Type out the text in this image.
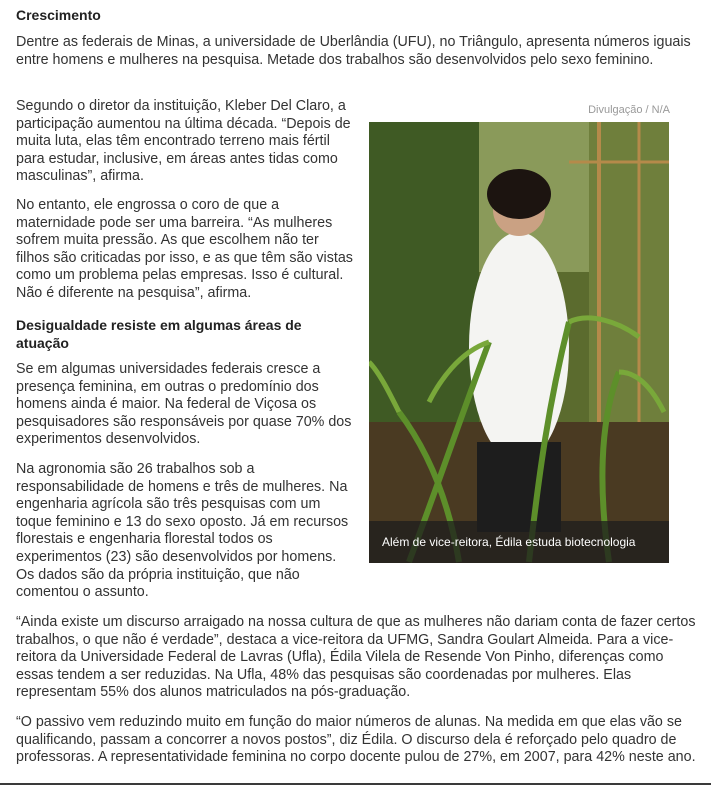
Crescimento

Dentre as federais de Minas, a universidade de Uberlândia (UFU), no Triângulo, apresenta números iguais entre homens e mulheres na pesquisa. Metade dos trabalhos são desenvolvidos pelo sexo feminino.

Segundo o diretor da instituição, Kleber Del Claro, a participação aumentou na última década. “Depois de muita luta, elas têm encontrado terreno mais fértil para estudar, inclusive, em áreas antes tidas como masculinas”, afirma.

No entanto, ele engrossa o coro de que a maternidade pode ser uma barreira. “As mulheres sofrem muita pressão. As que escolhem não ter filhos são criticadas por isso, e as que têm são vistas como um problema pelas empresas. Isso é cultural. Não é diferente na pesquisa”, afirma.

Desigualdade resiste em algumas áreas de atuação

Se em algumas universidades federais cresce a presença feminina, em outras o predomínio dos homens ainda é maior. Na federal de Viçosa os pesquisadores são responsáveis por quase 70% dos experimentos desenvolvidos.

Na agronomia são 26 trabalhos sob a responsabilidade de homens e três de mulheres. Na engenharia agrícola são três pesquisas com um toque feminino e 13 do sexo oposto. Já em recursos florestais e engenharia florestal todos os experimentos (23) são desenvolvidos por homens. Os dados são da própria instituição, que não comentou o assunto.

“Ainda existe um discurso arraigado na nossa cultura de que as mulheres não dariam conta de fazer certos trabalhos, o que não é verdade”, destaca a vice-reitora da UFMG, Sandra Goulart Almeida. Para a vice-reitora da Universidade Federal de Lavras (Ufla), Édila Vilela de Resende Von Pinho, diferenças como essas tendem a ser reduzidas. Na Ufla, 48% das pesquisas são coordenadas por mulheres. Elas representam 55% dos alunos matriculados na pós-graduação.

“O passivo vem reduzindo muito em função do maior números de alunas. Na medida em que elas vão se qualificando, passam a concorrer a novos postos”, diz Édila. O discurso dela é reforçado pelo quadro de professoras. A representatividade feminina no corpo docente pulou de 27%, em 2007, para 42% neste ano.

Divulgação / N/A
Além de vice-reitora, Édila estuda biotecnologia
